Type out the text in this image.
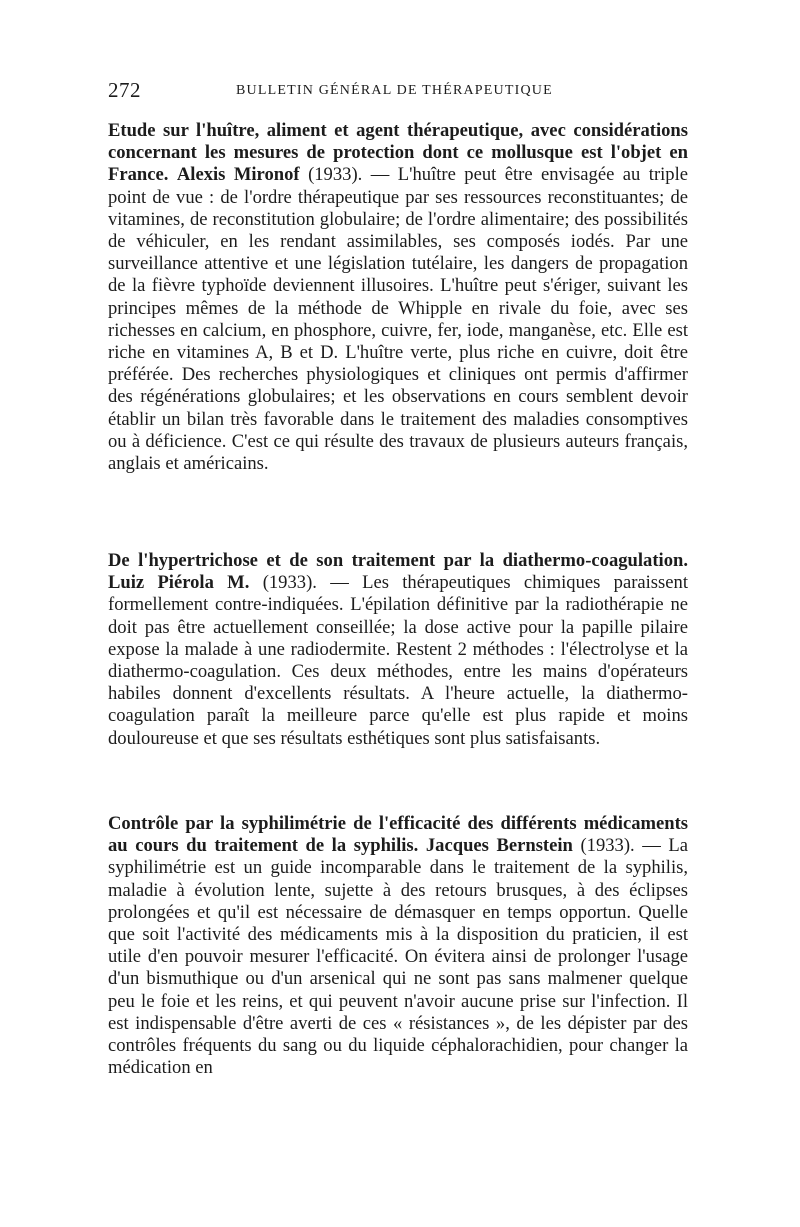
272	BULLETIN GÉNÉRAL DE THÉRAPEUTIQUE
Etude sur l'huître, aliment et agent thérapeutique, avec considérations concernant les mesures de protection dont ce mollusque est l'objet en France. Alexis Mironof (1933). — L'huître peut être envisagée au triple point de vue : de l'ordre thérapeutique par ses ressources reconstituantes; de vitamines, de reconstitution globulaire; de l'ordre alimentaire; des possibilités de véhiculer, en les rendant assimilables, ses composés iodés. Par une surveillance attentive et une législation tutélaire, les dangers de propagation de la fièvre typhoïde deviennent illusoires. L'huître peut s'ériger, suivant les principes mêmes de la méthode de Whipple en rivale du foie, avec ses richesses en calcium, en phosphore, cuivre, fer, iode, manganèse, etc. Elle est riche en vitamines A, B et D. L'huître verte, plus riche en cuivre, doit être préférée. Des recherches physiologiques et cliniques ont permis d'affirmer des régénérations globulaires; et les observations en cours semblent devoir établir un bilan très favorable dans le traitement des maladies consomptives ou à déficience. C'est ce qui résulte des travaux de plusieurs auteurs français, anglais et américains.
De l'hypertrichose et de son traitement par la diathermo-coagulation. Luiz Piérola M. (1933). — Les thérapeutiques chimiques paraissent formellement contre-indiquées. L'épilation définitive par la radiothérapie ne doit pas être actuellement conseillée; la dose active pour la papille pilaire expose la malade à une radiodermite. Restent 2 méthodes : l'électrolyse et la diathermo-coagulation. Ces deux méthodes, entre les mains d'opérateurs habiles donnent d'excellents résultats. A l'heure actuelle, la diathermo-coagulation paraît la meilleure parce qu'elle est plus rapide et moins douloureuse et que ses résultats esthétiques sont plus satisfaisants.
Contrôle par la syphilimétrie de l'efficacité des différents médicaments au cours du traitement de la syphilis. Jacques Bernstein (1933). — La syphilimétrie est un guide incomparable dans le traitement de la syphilis, maladie à évolution lente, sujette à des retours brusques, à des éclipses prolongées et qu'il est nécessaire de démasquer en temps opportun. Quelle que soit l'activité des médicaments mis à la disposition du praticien, il est utile d'en pouvoir mesurer l'efficacité. On évitera ainsi de prolonger l'usage d'un bismuthique ou d'un arsenical qui ne sont pas sans malmener quelque peu le foie et les reins, et qui peuvent n'avoir aucune prise sur l'infection. Il est indispensable d'être averti de ces « résistances », de les dépister par des contrôles fréquents du sang ou du liquide céphalorachidien, pour changer la médication en
